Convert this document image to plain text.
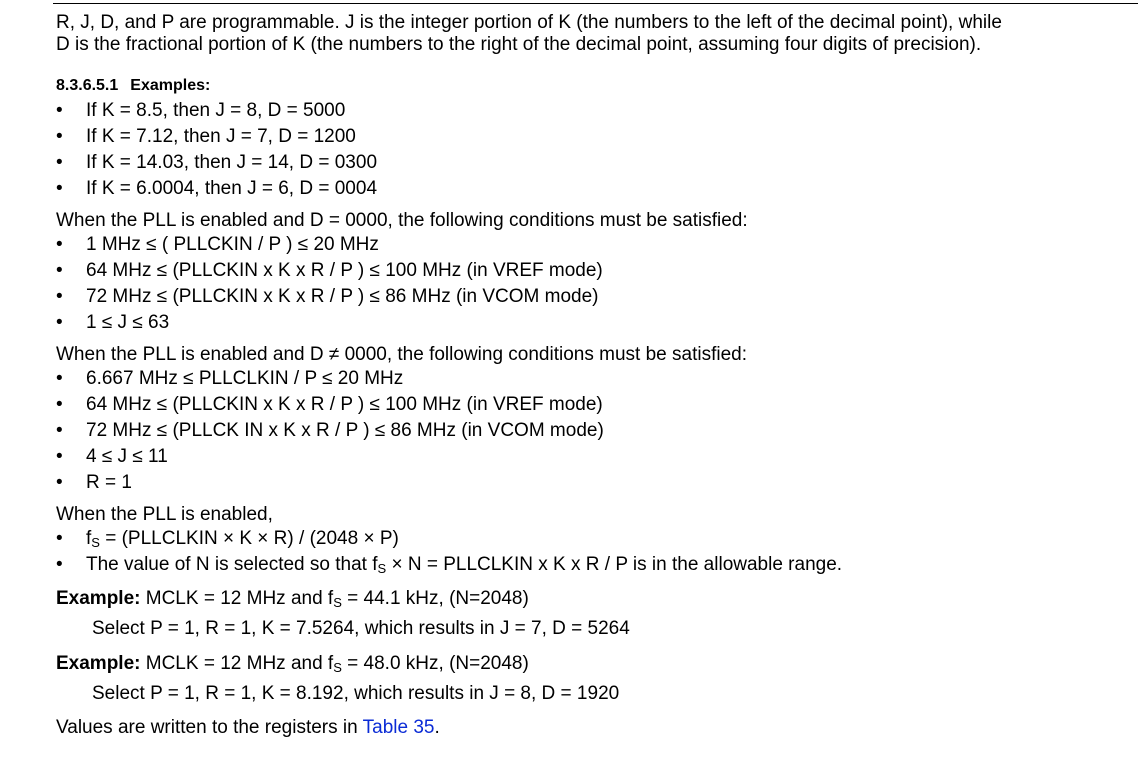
R, J, D, and P are programmable. J is the integer portion of K (the numbers to the left of the decimal point), while
D is the fractional portion of K (the numbers to the right of the decimal point, assuming four digits of precision).
8.3.6.5.1 Examples:
• If K = 8.5, then J = 8, D = 5000
• If K = 7.12, then J = 7, D = 1200
• If K = 14.03, then J = 14, D = 0300
• If K = 6.0004, then J = 6, D = 0004
When the PLL is enabled and D = 0000, the following conditions must be satisfied:
• 1 MHz ≤ ( PLLCKIN / P ) ≤ 20 MHz
• 64 MHz ≤ (PLLCKIN x K x R / P ) ≤ 100 MHz (in VREF mode)
• 72 MHz ≤ (PLLCKIN x K x R / P ) ≤ 86 MHz (in VCOM mode)
• 1 ≤ J ≤ 63
When the PLL is enabled and D ≠ 0000, the following conditions must be satisfied:
• 6.667 MHz ≤ PLLCLKIN / P ≤ 20 MHz
• 64 MHz ≤ (PLLCKIN x K x R / P ) ≤ 100 MHz (in VREF mode)
• 72 MHz ≤ (PLLCK IN x K x R / P ) ≤ 86 MHz (in VCOM mode)
• 4 ≤ J ≤ 11
• R = 1
When the PLL is enabled,
• $f_S$ = (PLLCLKIN × K × R) / (2048 × P)
• The value of N is selected so that $f_S \times N$ = PLLCLKIN x K x R / P is in the allowable range.
Example: MCLK = 12 MHz and $f_S = 44.1$ kHz, (N=2048)
Select P = 1, R = 1, K = 7.5264, which results in J = 7, D = 5264
Example: MCLK = 12 MHz and $f_S = 48.0$ kHz, (N=2048)
Select P = 1, R = 1, K = 8.192, which results in J = 8, D = 1920
Values are written to the registers in Table 35.
